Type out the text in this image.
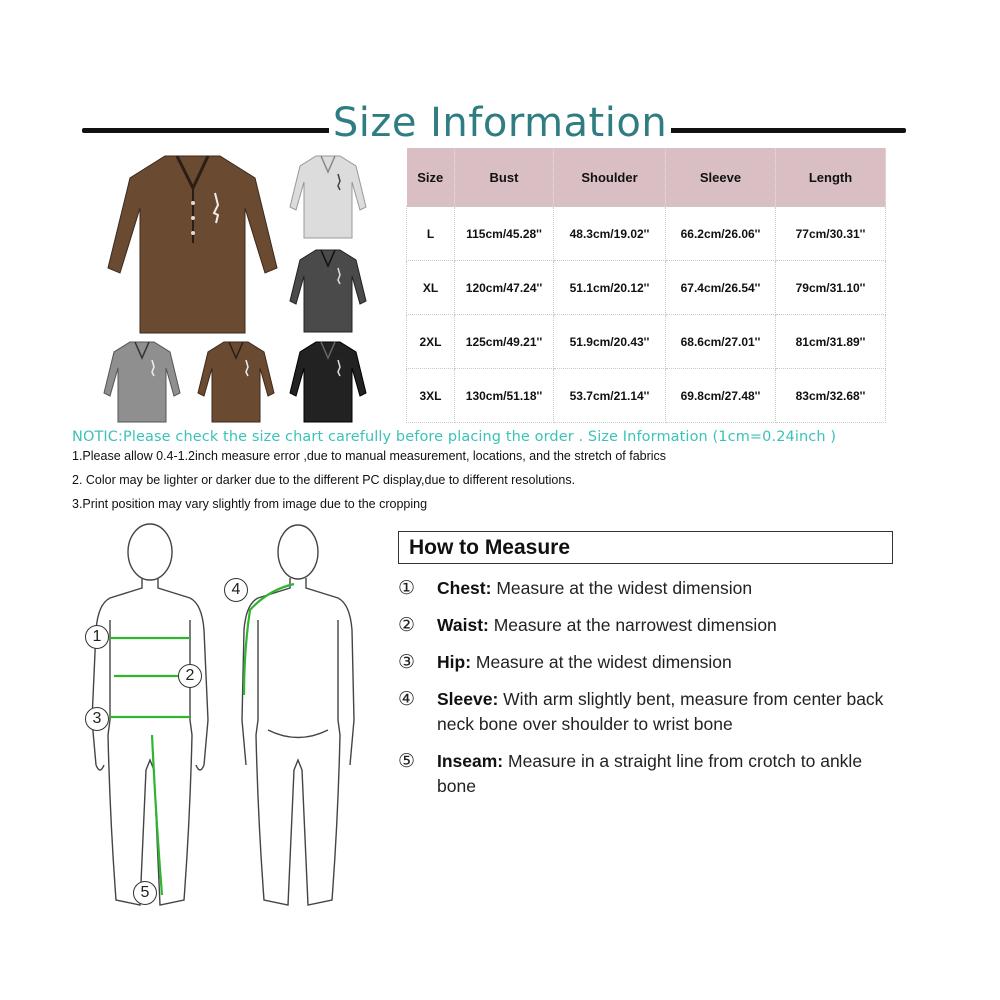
Size Information
Size	Bust	Shoulder	Sleeve	Length
L	115cm/45.28''	48.3cm/19.02''	66.2cm/26.06''	77cm/30.31''
XL	120cm/47.24''	51.1cm/20.12''	67.4cm/26.54''	79cm/31.10''
2XL	125cm/49.21''	51.9cm/20.43''	68.6cm/27.01''	81cm/31.89''
3XL	130cm/51.18''	53.7cm/21.14''	69.8cm/27.48''	83cm/32.68''
NOTIC:Please check the size chart carefully before placing the order . Size Information (1cm=0.24inch )
1.Please allow 0.4-1.2inch measure error ,due to manual measurement, locations, and the stretch of fabrics
2. Color may be lighter or darker due to the different PC display,due to different resolutions.
3.Print position may vary slightly from image due to the cropping
1
2
3
4
5
How to Measure
①	Chest: Measure at the widest dimension
②	Waist: Measure at the narrowest dimension
③	Hip: Measure at the widest dimension
④	Sleeve: With arm slightly bent, measure from center back neck bone over shoulder to wrist bone
⑤	Inseam: Measure in a straight line from crotch to ankle bone
